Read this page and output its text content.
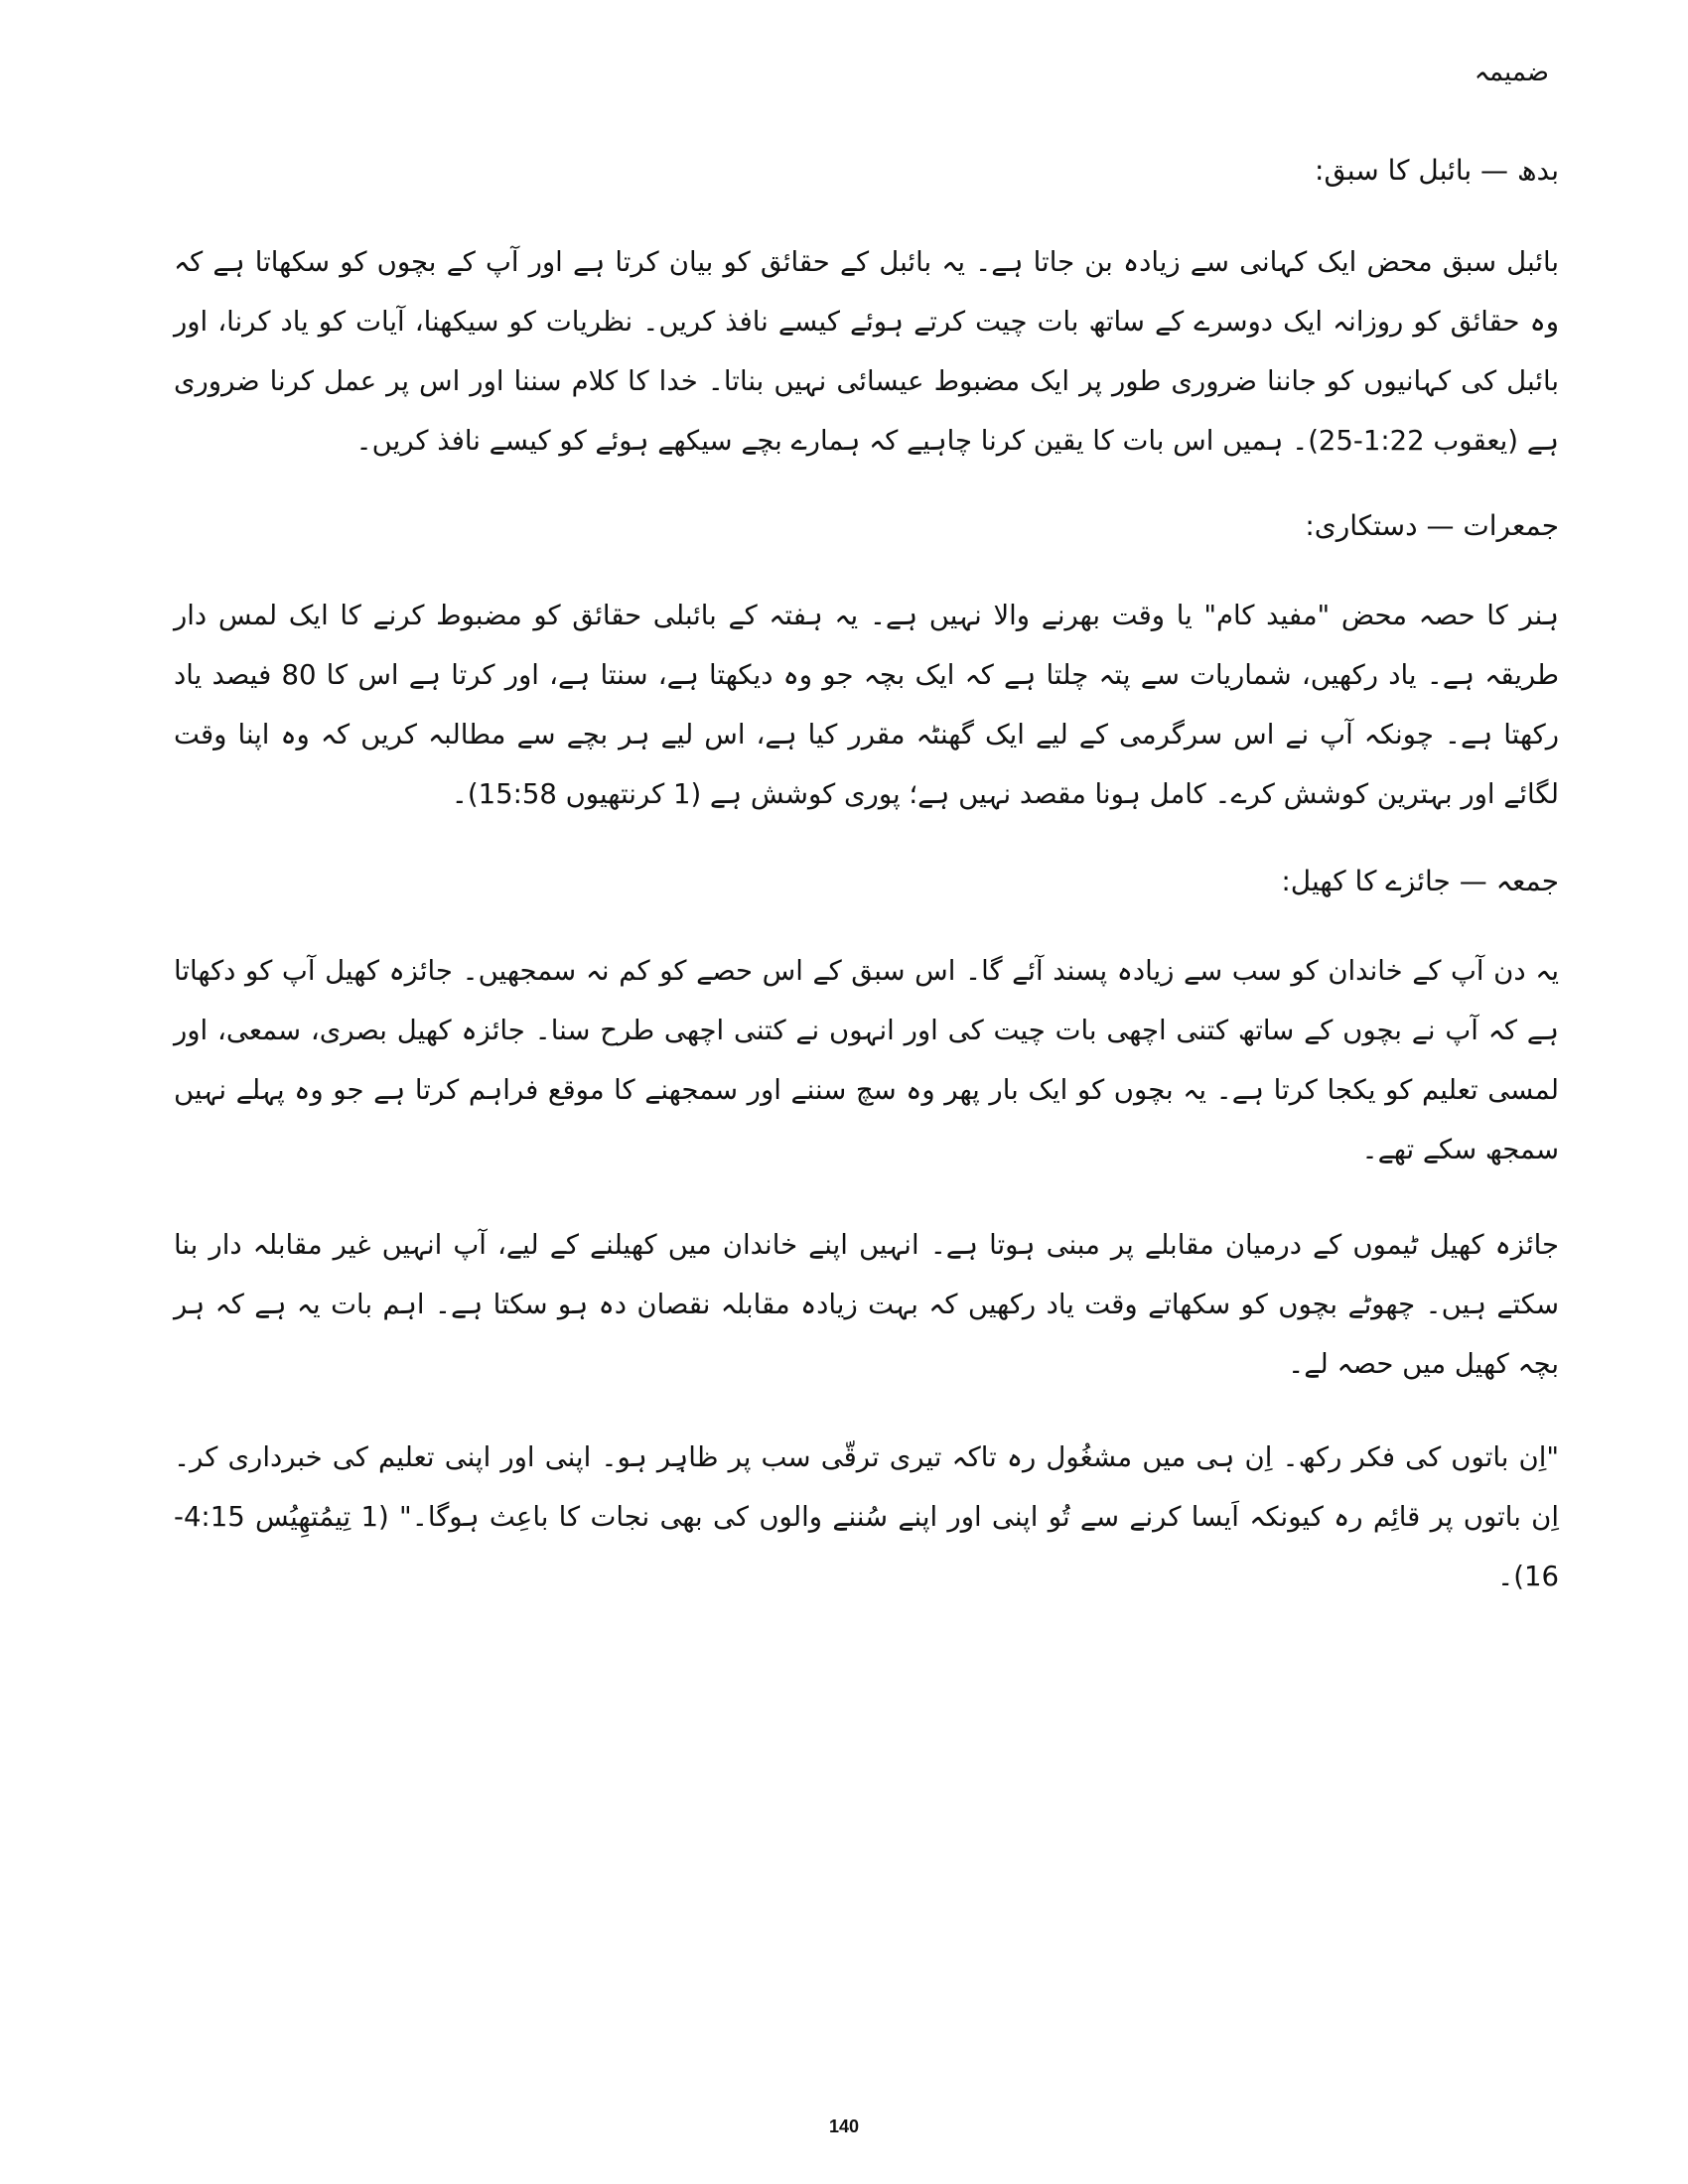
ضمیمہ
بدھ — بائبل کا سبق:

بائبل سبق محض ایک کہانی سے زیادہ بن جاتا ہے۔ یہ بائبل کے حقائق کو بیان کرتا ہے اور آپ کے بچوں کو سکھاتا ہے کہ وہ حقائق کو روزانہ ایک دوسرے کے ساتھ بات چیت کرتے ہوئے کیسے نافذ کریں۔ نظریات کو سیکھنا، آیات کو یاد کرنا، اور بائبل کی کہانیوں کو جاننا ضروری طور پر ایک مضبوط عیسائی نہیں بناتا۔ خدا کا کلام سننا اور اس پر عمل کرنا ضروری ہے (یعقوب 1:22-25)۔ ہمیں اس بات کا یقین کرنا چاہیے کہ ہمارے بچے سیکھے ہوئے کو کیسے نافذ کریں۔

جمعرات — دستکاری:

ہنر کا حصہ محض "مفید کام" یا وقت بھرنے والا نہیں ہے۔ یہ ہفتہ کے بائبلی حقائق کو مضبوط کرنے کا ایک لمس دار طریقہ ہے۔ یاد رکھیں، شماریات سے پتہ چلتا ہے کہ ایک بچہ جو وہ دیکھتا ہے، سنتا ہے، اور کرتا ہے اس کا 80 فیصد یاد رکھتا ہے۔ چونکہ آپ نے اس سرگرمی کے لیے ایک گھنٹہ مقرر کیا ہے، اس لیے ہر بچے سے مطالبہ کریں کہ وہ اپنا وقت لگائے اور بہترین کوشش کرے۔ کامل ہونا مقصد نہیں ہے؛ پوری کوشش ہے (1 کرنتھیوں 15:58)۔

جمعہ — جائزے کا کھیل:

یہ دن آپ کے خاندان کو سب سے زیادہ پسند آئے گا۔ اس سبق کے اس حصے کو کم نہ سمجھیں۔ جائزہ کھیل آپ کو دکھاتا ہے کہ آپ نے بچوں کے ساتھ کتنی اچھی بات چیت کی اور انہوں نے کتنی اچھی طرح سنا۔ جائزہ کھیل بصری، سمعی، اور لمسی تعلیم کو یکجا کرتا ہے۔ یہ بچوں کو ایک بار پھر وہ سچ سننے اور سمجھنے کا موقع فراہم کرتا ہے جو وہ پہلے نہیں سمجھ سکے تھے۔

جائزہ کھیل ٹیموں کے درمیان مقابلے پر مبنی ہوتا ہے۔ انہیں اپنے خاندان میں کھیلنے کے لیے، آپ انہیں غیر مقابلہ دار بنا سکتے ہیں۔ چھوٹے بچوں کو سکھاتے وقت یاد رکھیں کہ بہت زیادہ مقابلہ نقصان دہ ہو سکتا ہے۔ اہم بات یہ ہے کہ ہر بچہ کھیل میں حصہ لے۔

"اِن باتوں کی فکر رکھ۔ اِن ہی میں مشغُول رہ تاکہ تیری ترقّی سب پر ظاہِر ہو۔ اپنی اور اپنی تعلیم کی خبرداری کر۔ اِن باتوں پر قائِم رہ کیونکہ اَیسا کرنے سے تُو اپنی اور اپنے سُننے والوں کی بھی نجات کا باعِث ہوگا۔" (1 تِیمُتھِیُس 4:15-16)۔

140
